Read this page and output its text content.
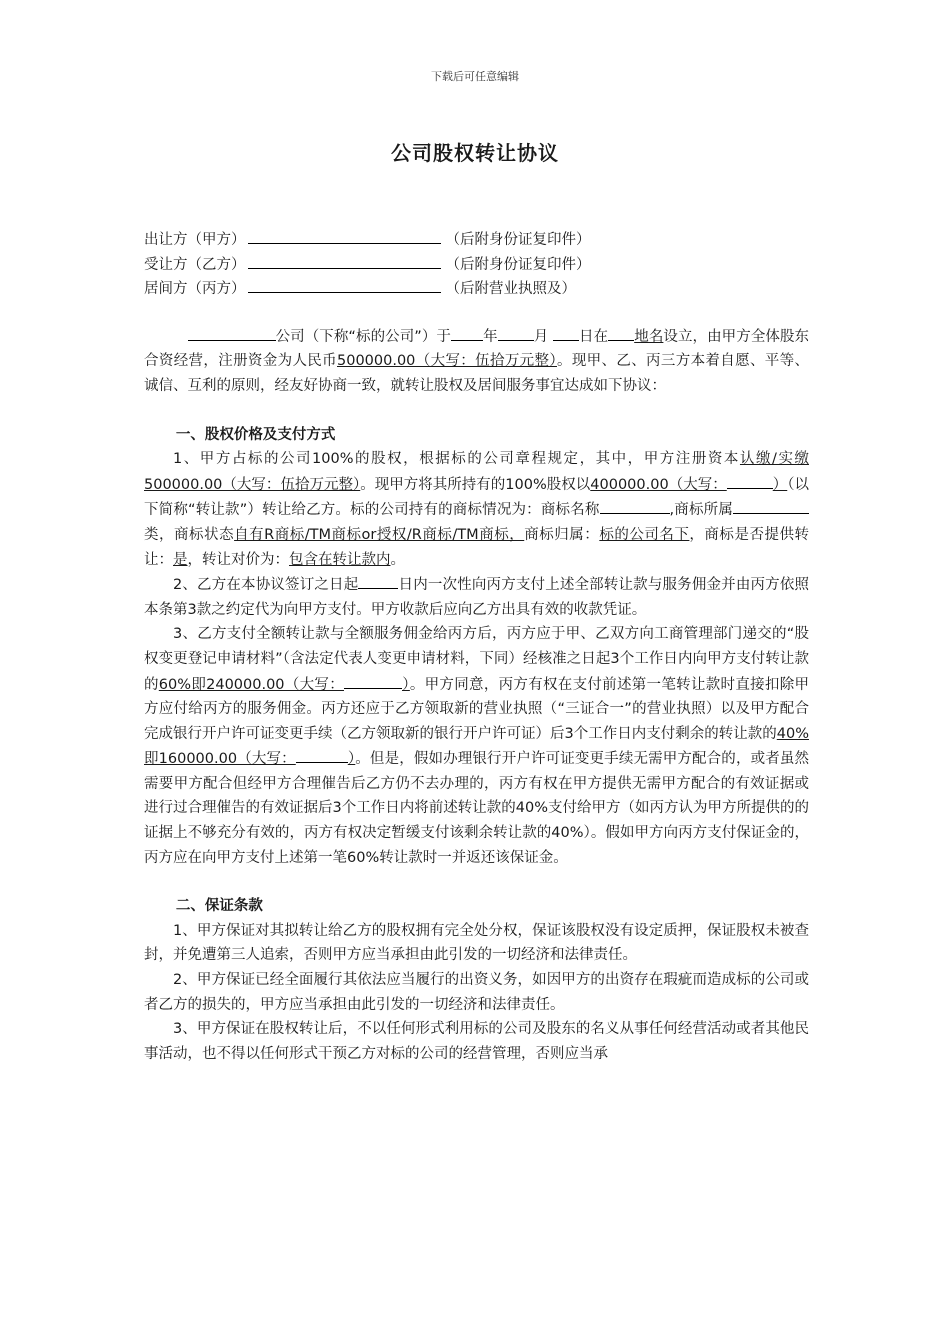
下载后可任意编辑
公司股权转让协议
出让方（甲方）	（后附身份证复印件）
受让方（乙方）	（后附身份证复印件）
居间方（丙方）	（后附营业执照及）

公司（下称“标的公司”）于 年 月 日在 地名设立，由甲方全体股东合资经营，注册资金为人民币500000.00（大写：伍拾万元整）。现甲、乙、丙三方本着自愿、平等、诚信、互利的原则，经友好协商一致，就转让股权及居间服务事宜达成如下协议：

一、股权价格及支付方式

1、甲方占标的公司100%的股权，根据标的公司章程规定，其中，甲方注册资本认缴/实缴 500000.00（大写：伍拾万元整）。现甲方将其所持有的100%股权以400000.00（大写：	）（以下简称“转让款”）转让给乙方。标的公司持有的商标情况为：商标名称	,商标所属类，商标状态自有R商标/TM商标or授权/R商标/TM商标，商标归属：标的公司名下，商标是否提供转让：是，转让对价为：包含在转让款内。

2、乙方在本协议签订之日起	日内一次性向丙方支付上述全部转让款与服务佣金并由丙方依照本条第3款之约定代为向甲方支付。甲方收款后应向乙方出具有效的收款凭证。

3、乙方支付全额转让款与全额服务佣金给丙方后，丙方应于甲、乙双方向工商管理部门递交的“股权变更登记申请材料”（含法定代表人变更申请材料，下同）经核准之日起3个工作日内向甲方支付转让款的60%即240000.00（大写：	）。甲方同意，丙方有权在支付前述第一笔转让款时直接扣除甲方应付给丙方的服务佣金。丙方还应于乙方领取新的营业执照（“三证合一”的营业执照）以及甲方配合完成银行开户许可证变更手续（乙方领取新的银行开户许可证）后3个工作日内支付剩余的转让款的40%即160000.00（大写：	）。但是，假如办理银行开户许可证变更手续无需甲方配合的，或者虽然需要甲方配合但经甲方合理催告后乙方仍不去办理的，丙方有权在甲方提供无需甲方配合的有效证据或进行过合理催告的有效证据后3个工作日内将前述转让款的40%支付给甲方（如丙方认为甲方所提供的的证据上不够充分有效的，丙方有权决定暂缓支付该剩余转让款的40%）。假如甲方向丙方支付保证金的，丙方应在向甲方支付上述第一笔60%转让款时一并返还该保证金。

二、保证条款

1、甲方保证对其拟转让给乙方的股权拥有完全处分权，保证该股权没有设定质押，保证股权未被查封，并免遭第三人追索，否则甲方应当承担由此引发的一切经济和法律责任。

2、甲方保证已经全面履行其依法应当履行的出资义务，如因甲方的出资存在瑕疵而造成标的公司或者乙方的损失的，甲方应当承担由此引发的一切经济和法律责任。

3、甲方保证在股权转让后，不以任何形式利用标的公司及股东的名义从事任何经营活动或者其他民事活动，也不得以任何形式干预乙方对标的公司的经营管理，否则应当承
